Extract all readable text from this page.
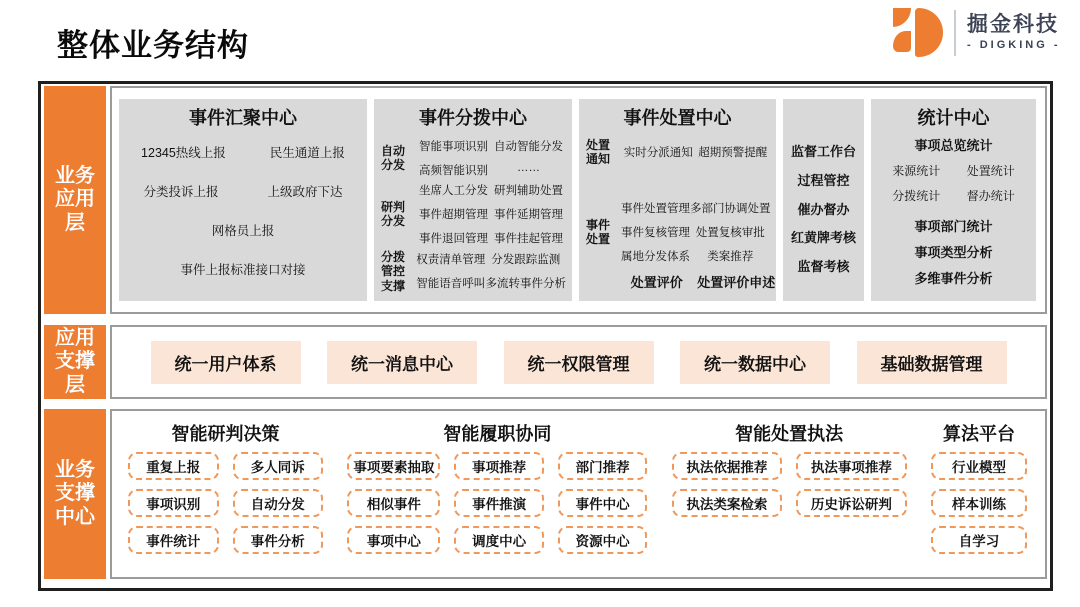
整体业务结构
掘金科技
- DIGKING -
业务应用层
事件汇聚中心
12345热线上报	民生通道上报
分类投诉上报	上级政府下达
网格员上报
事件上报标准接口对接
事件分拨中心
自动分发
智能事项识别 自动智能分发
高频智能识别	……
研判分发
坐席人工分发 研判辅助处置
事件超期管理 事件延期管理
事件退回管理 事件挂起管理
分拨管控支撑
权责清单管理 分发跟踪监测
智能语音呼叫 多流转事件分析
事件处置中心
处置通知	实时分派通知 超期预警提醒
事件处置
事件处置管理 多部门协调处置
事件复核管理 处置复核审批
属地分发体系	类案推荐
处置评价	处置评价申述
监督工作台
过程管控
催办督办
红黄牌考核
监督考核
统计中心
事项总览统计
来源统计	处置统计
分拨统计	督办统计
事项部门统计
事项类型分析
多维事件分析
应用支撑层
统一用户体系	统一消息中心	统一权限管理	统一数据中心	基础数据管理
业务支撑中心
智能研判决策
重复上报	多人同诉
事项识别	自动分发
事件统计	事件分析
智能履职协同
事项要素抽取	事项推荐	部门推荐
相似事件	事件推演	事件中心
事项中心	调度中心	资源中心
智能处置执法
执法依据推荐	执法事项推荐
执法类案检索	历史诉讼研判
算法平台
行业模型
样本训练
自学习
